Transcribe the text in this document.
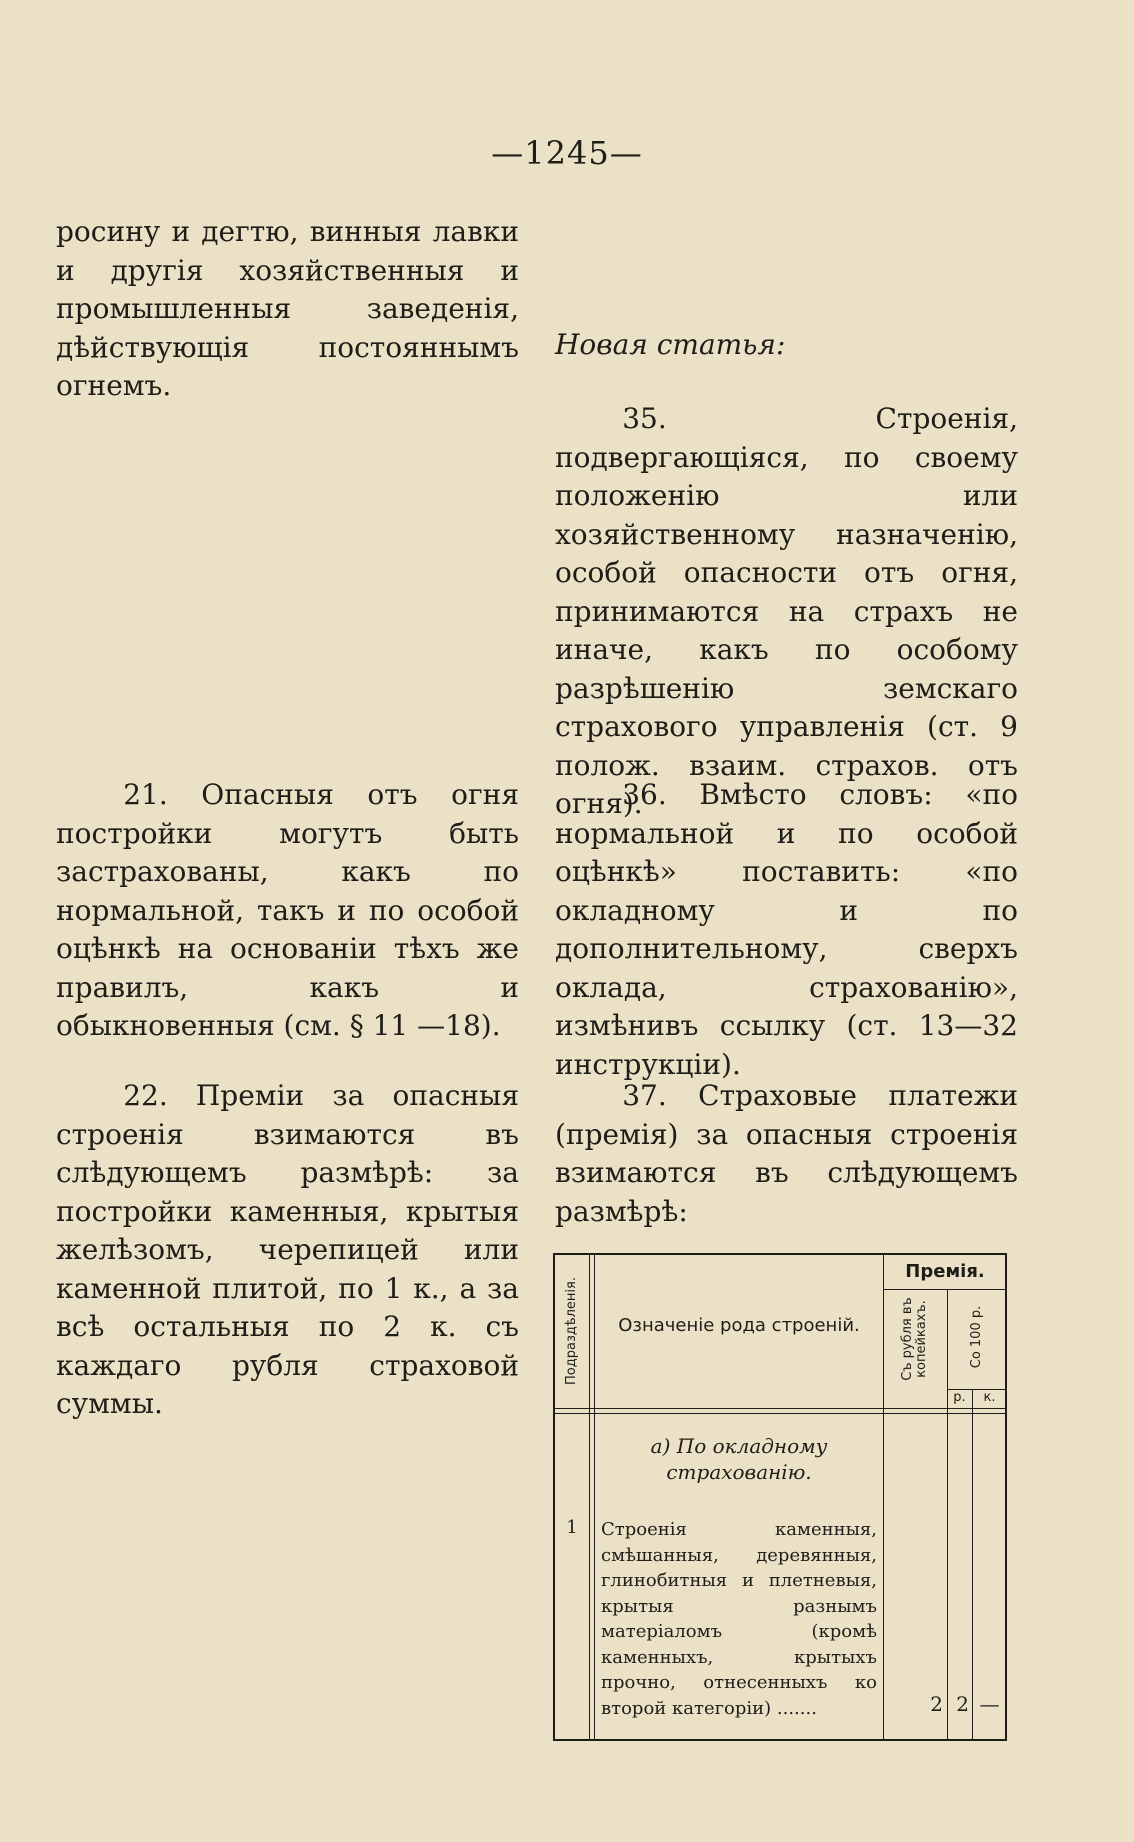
—1245—

росину и дегтю, винныя лавки и другія хозяйственныя и промышленныя заведенія, дѣйствующія постояннымъ огнемъ.

21. Опасныя отъ огня постройки могутъ быть застрахованы, какъ по нормальной, такъ и по особой оцѣнкѣ на основаніи тѣхъ же правилъ, какъ и обыкновенныя (см. § 11 —18).

22. Преміи за опасныя строенія взимаются въ слѣдующемъ размѣрѣ: за постройки каменныя, крытыя желѣзомъ, черепицей или каменной плитой, по 1 к., а за всѣ остальныя по 2 к. съ каждаго рубля страховой суммы.

Новая статья:

35. Строенія, подвергающіяся, по своему положенію или хозяйственному назначенію, особой опасности отъ огня, принимаются на страхъ не иначе, какъ по особому разрѣшенію земскаго страхового управленія (ст. 9 полож. взаим. страхов. отъ огня).

36. Вмѣсто словъ: «по нормальной и по особой оцѣнкѣ» поставить: «по окладному и по дополнительному, сверхъ оклада, страхованію», измѣнивъ ссылку (ст. 13—32 инструкціи).

37. Страховые платежи (премія) за опасныя строенія взимаются въ слѣдующемъ размѣрѣ:

Подраздѣленія.	Означеніе рода строеній.
Премія.
Съ рубля въ копейкахъ.	Со 100 р.
р.	к.
а) По окладному страхованію.
1	Строенія каменныя, смѣшанныя, деревянныя, глинобитныя и плетневыя, крытыя разнымъ матеріаломъ (кромѣ каменныхъ, крытыхъ прочно, отнесенныхъ ко второй категоріи) .......	2 2 —
